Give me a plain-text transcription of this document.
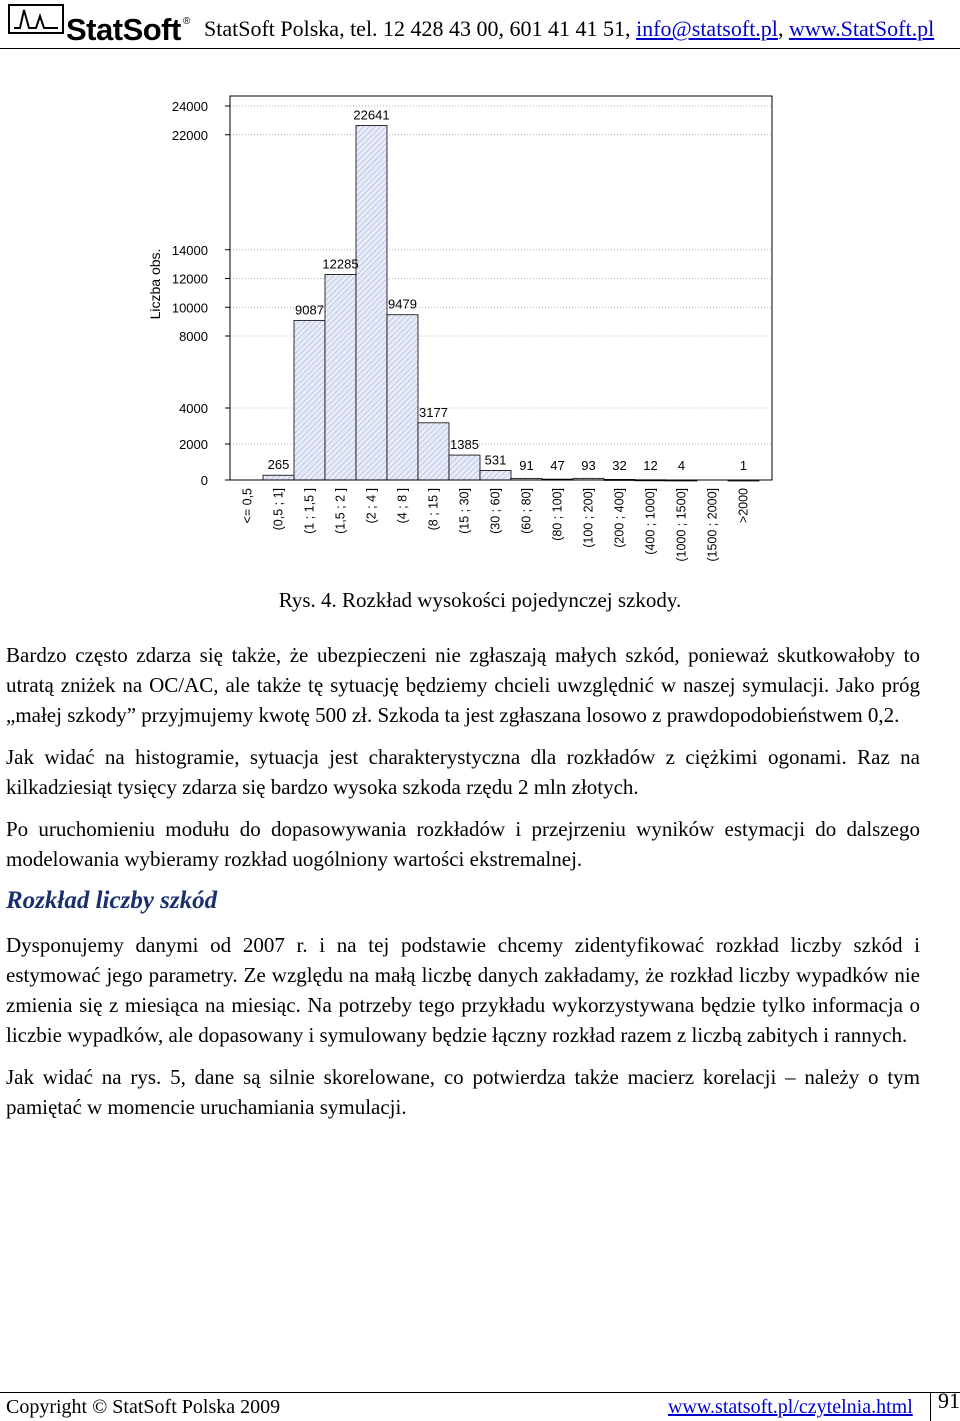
StatSoft ® StatSoft Polska, tel. 12 428 43 00, 601 41 41 51, info@statsoft.pl, www.StatSoft.pl
265
9087
12285
22641
9479
3177
1385
531 91 47 93 32 12 4	1
0
2000
4000
8000
10000
12000
14000
22000
24000
Liczba obs.
<= 0,5 (0,5 ; 1] (1 ; 1,5 ] (1,5 ; 2 ] (2 ; 4 ] (4 ; 8 ] (8 ; 15 ] (15 ; 30] (30 ; 60] (60 ; 80] (80 ; 100] (100 ; 200] (200 ; 400] (400 ; 1000] (1000 ; 1500] (1500 ; 2000] >2000
Rys. 4. Rozkład wysokości pojedynczej szkody.

Bardzo często zdarza się także, że ubezpieczeni nie zgłaszają małych szkód, ponieważ skutkowałoby to utratą zniżek na OC/AC, ale także tę sytuację będziemy chcieli uwzględnić w naszej symulacji. Jako próg „małej szkody” przyjmujemy kwotę 500 zł. Szkoda ta jest zgłaszana losowo z prawdopodobieństwem 0,2.

Jak widać na histogramie, sytuacja jest charakterystyczna dla rozkładów z ciężkimi ogonami. Raz na kilkadziesiąt tysięcy zdarza się bardzo wysoka szkoda rzędu 2 mln złotych.

Po uruchomieniu modułu do dopasowywania rozkładów i przejrzeniu wyników estymacji do dalszego modelowania wybieramy rozkład uogólniony wartości ekstremalnej.

Rozkład liczby szkód

Dysponujemy danymi od 2007 r. i na tej podstawie chcemy zidentyfikować rozkład liczby szkód i estymować jego parametry. Ze względu na małą liczbę danych zakładamy, że rozkład liczby wypadków nie zmienia się z miesiąca na miesiąc. Na potrzeby tego przykładu wykorzystywana będzie tylko informacja o liczbie wypadków, ale dopasowany i symulowany będzie łączny rozkład razem z liczbą zabitych i rannych.

Jak widać na rys. 5, dane są silnie skorelowane, co potwierdza także macierz korelacji – należy o tym pamiętać w momencie uruchamiania symulacji.

Copyright © StatSoft Polska 2009	www.statsoft.pl/czytelnia.html 91
